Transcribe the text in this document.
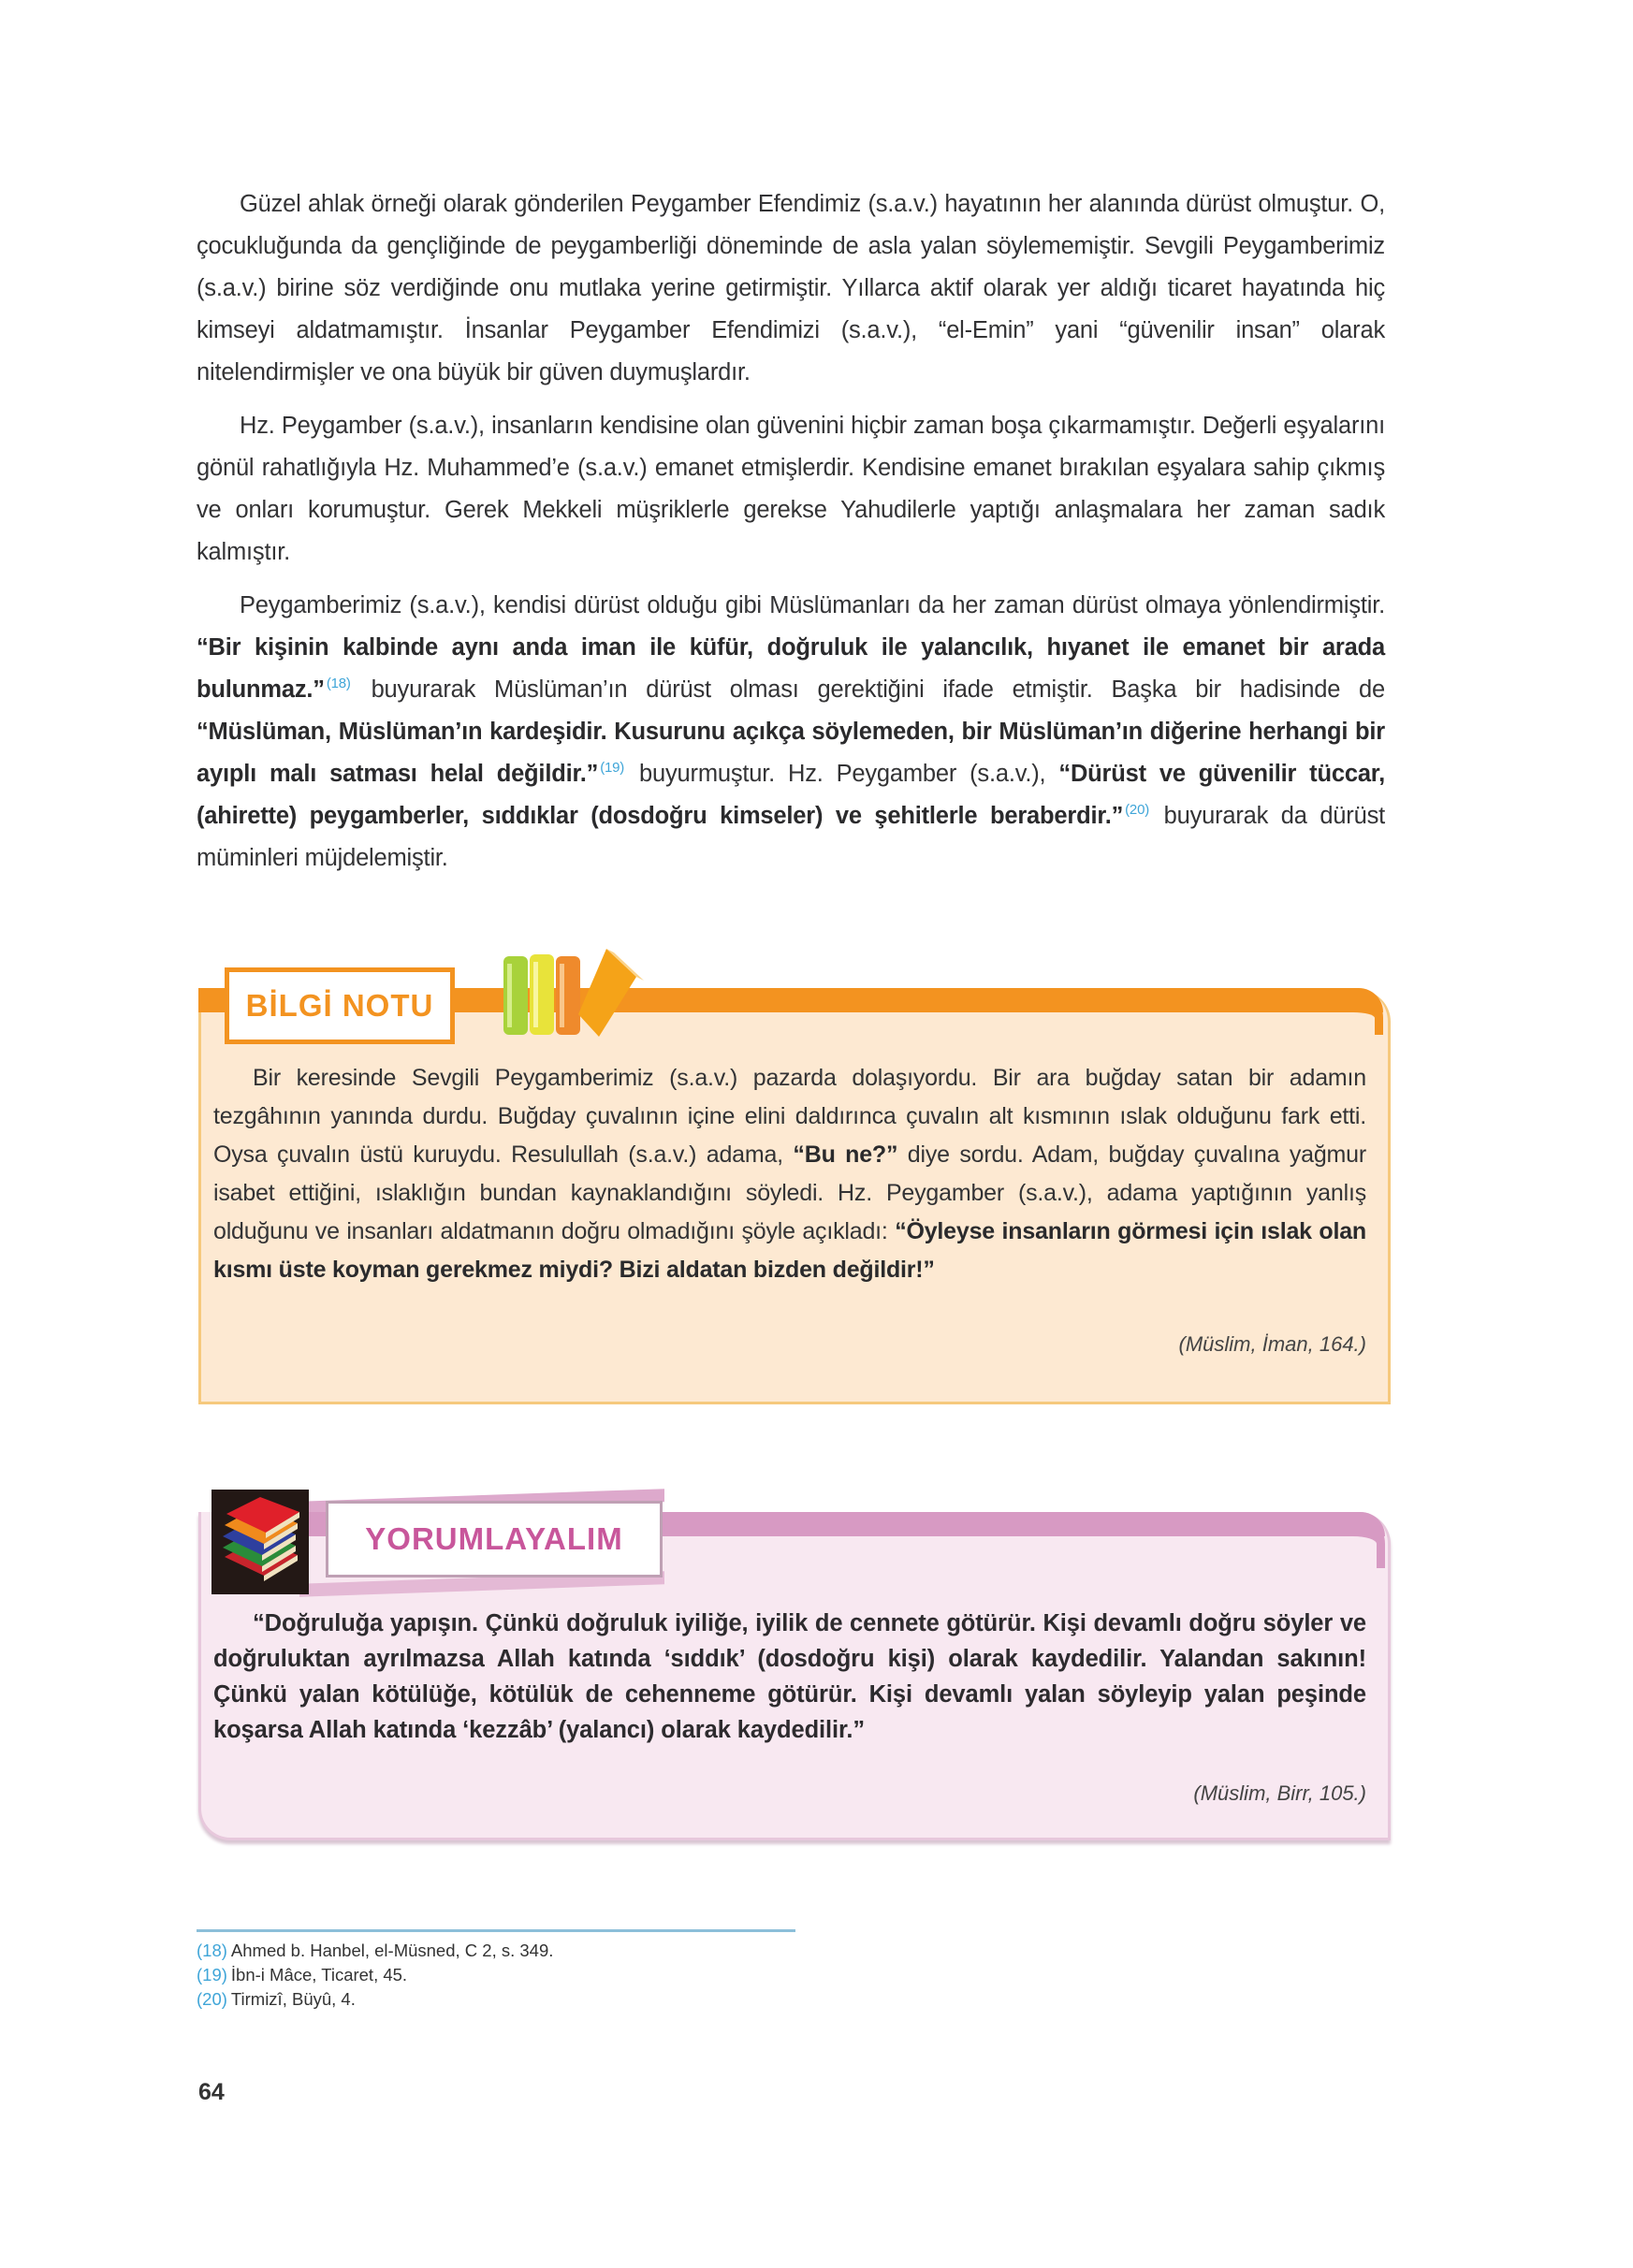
Güzel ahlak örneği olarak gönderilen Peygamber Efendimiz (s.a.v.) hayatının her alanında dürüst olmuştur. O, çocukluğunda da gençliğinde de peygamberliği döneminde de asla yalan söylememiştir. Sevgili Peygamberimiz (s.a.v.) birine söz verdiğinde onu mutlaka yerine getirmiştir. Yıllarca aktif olarak yer aldığı ticaret hayatında hiç kimseyi aldatmamıştır. İnsanlar Peygamber Efendimizi (s.a.v.), “el-Emin” yani “güvenilir insan” olarak nitelendirmişler ve ona büyük bir güven duymuşlardır.

Hz. Peygamber (s.a.v.), insanların kendisine olan güvenini hiçbir zaman boşa çıkarmamıştır. Değerli eşyalarını gönül rahatlığıyla Hz. Muhammed’e (s.a.v.) emanet etmişlerdir. Kendisine emanet bırakılan eşyalara sahip çıkmış ve onları korumuştur. Gerek Mekkeli müşriklerle gerekse Yahudilerle yaptığı anlaşmalara her zaman sadık kalmıştır.

Peygamberimiz (s.a.v.), kendisi dürüst olduğu gibi Müslümanları da her zaman dürüst olmaya yönlendirmiştir. “Bir kişinin kalbinde aynı anda iman ile küfür, doğruluk ile yalancılık, hıyanet ile emanet bir arada bulunmaz.” $^{(18)}$ buyurarak Müslüman’ın dürüst olması gerektiğini ifade etmiştir. Başka bir hadisinde de “Müslüman, Müslüman’ın kardeşidir. Kusurunu açıkça söylemeden, bir Müslüman’ın diğerine herhangi bir ayıplı malı satması helal değildir.” $^{(19)}$ buyurmuştur. Hz. Peygamber (s.a.v.), “Dürüst ve güvenilir tüccar, (ahirette) peygamberler, sıddıklar (dosdoğru kimseler) ve şehitlerle beraberdir.” $^{(20)}$ buyurarak da dürüst müminleri müjdelemiştir.

BİLGİ NOTU

Bir keresinde Sevgili Peygamberimiz (s.a.v.) pazarda dolaşıyordu. Bir ara buğday satan bir adamın tezgâhının yanında durdu. Buğday çuvalının içine elini daldırınca çuvalın alt kısmının ıslak olduğunu fark etti. Oysa çuvalın üstü kuruydu. Resulullah (s.a.v.) adama, “Bu ne?” diye sordu. Adam, buğday çuvalına yağmur isabet ettiğini, ıslaklığın bundan kaynaklandığını söyledi. Hz. Peygamber (s.a.v.), adama yaptığının yanlış olduğunu ve insanları aldatmanın doğru olmadığını şöyle açıkladı: “Öyleyse insanların görmesi için ıslak olan kısmı üste koyman gerekmez miydi? Bizi aldatan bizden değildir!”

(Müslim, İman, 164.)
YORUMLAYALIM

“Doğruluğa yapışın. Çünkü doğruluk iyiliğe, iyilik de cennete götürür. Kişi devamlı doğru söyler ve doğruluktan ayrılmazsa Allah katında ‘sıddık’ (dosdoğru kişi) olarak kaydedilir. Yalandan sakının! Çünkü yalan kötülüğe, kötülük de cehenneme götürür. Kişi devamlı yalan söyleyip yalan peşinde koşarsa Allah katında ‘kezzâb’ (yalancı) olarak kaydedilir.”

(Müslim, Birr, 105.)
(18) Ahmed b. Hanbel, el-Müsned, C 2, s. 349.
(19) İbn-i Mâce, Ticaret, 45.
(20) Tirmizî, Büyû, 4.
64
